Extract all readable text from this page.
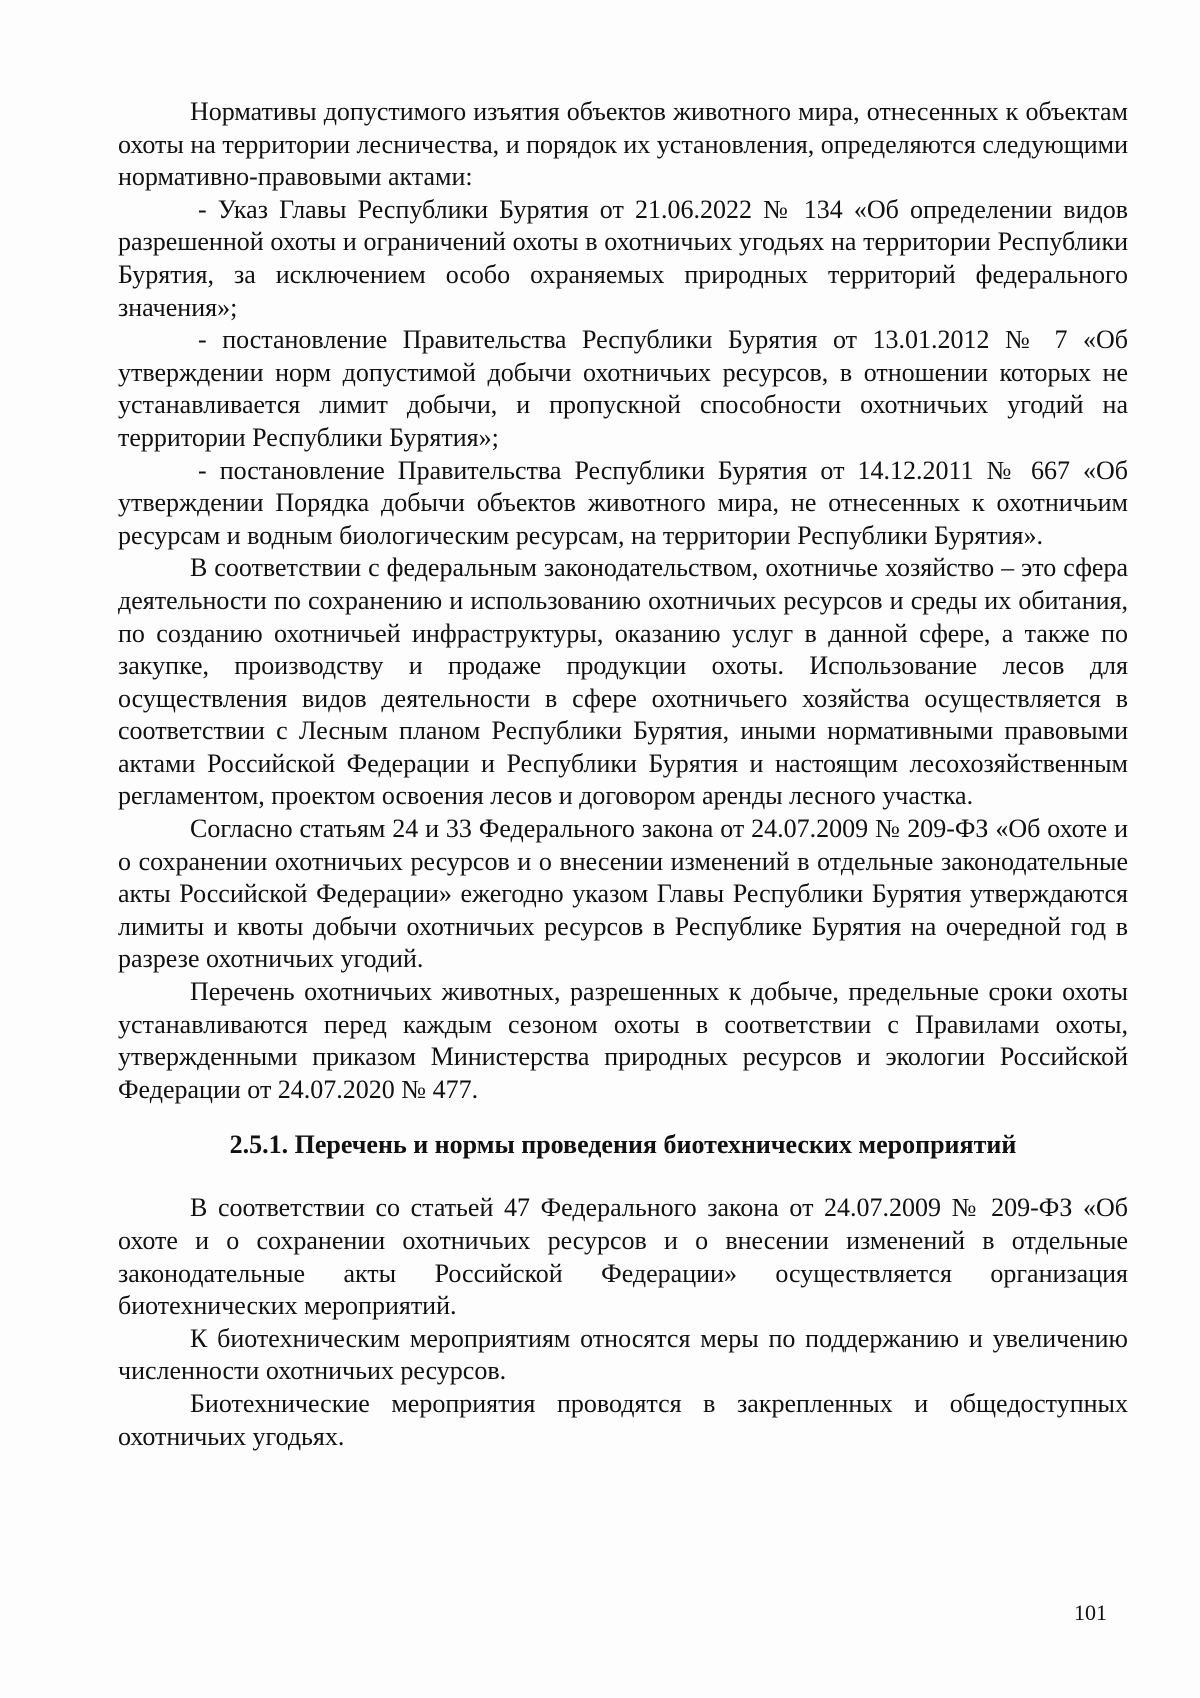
Нормативы допустимого изъятия объектов животного мира, отнесенных к объектам охоты на территории лесничества, и порядок их установления, определяются следующими нормативно-правовыми актами:

- Указ Главы Республики Бурятия от 21.06.2022 № 134 «Об определении видов разрешенной охоты и ограничений охоты в охотничьих угодьях на территории Республики Бурятия, за исключением особо охраняемых природных территорий федерального значения»;

- постановление Правительства Республики Бурятия от 13.01.2012 № 7 «Об утверждении норм допустимой добычи охотничьих ресурсов, в отношении которых не устанавливается лимит добычи, и пропускной способности охотничьих угодий на территории Республики Бурятия»;

- постановление Правительства Республики Бурятия от 14.12.2011 № 667 «Об утверждении Порядка добычи объектов животного мира, не отнесенных к охотничьим ресурсам и водным биологическим ресурсам, на территории Республики Бурятия».

В соответствии с федеральным законодательством, охотничье хозяйство – это сфера деятельности по сохранению и использованию охотничьих ресурсов и среды их обитания, по созданию охотничьей инфраструктуры, оказанию услуг в данной сфере, а также по закупке, производству и продаже продукции охоты. Использование лесов для осуществления видов деятельности в сфере охотничьего хозяйства осуществляется в соответствии с Лесным планом Республики Бурятия, иными нормативными правовыми актами Российской Федерации и Республики Бурятия и настоящим лесохозяйственным регламентом, проектом освоения лесов и договором аренды лесного участка.

Согласно статьям 24 и 33 Федерального закона от 24.07.2009 № 209-ФЗ «Об охоте и о сохранении охотничьих ресурсов и о внесении изменений в отдельные законодательные акты Российской Федерации» ежегодно указом Главы Республики Бурятия утверждаются лимиты и квоты добычи охотничьих ресурсов в Республике Бурятия на очередной год в разрезе охотничьих угодий.

Перечень охотничьих животных, разрешенных к добыче, предельные сроки охоты устанавливаются перед каждым сезоном охоты в соответствии с Правилами охоты, утвержденными приказом Министерства природных ресурсов и экологии Российской Федерации от 24.07.2020 № 477.

2.5.1. Перечень и нормы проведения биотехнических мероприятий

В соответствии со статьей 47 Федерального закона от 24.07.2009 № 209-ФЗ «Об охоте и о сохранении охотничьих ресурсов и о внесении изменений в отдельные законодательные акты Российской Федерации» осуществляется организация биотехнических мероприятий.

К биотехническим мероприятиям относятся меры по поддержанию и увеличению численности охотничьих ресурсов.

Биотехнические мероприятия проводятся в закрепленных и общедоступных охотничьих угодьях.

101
